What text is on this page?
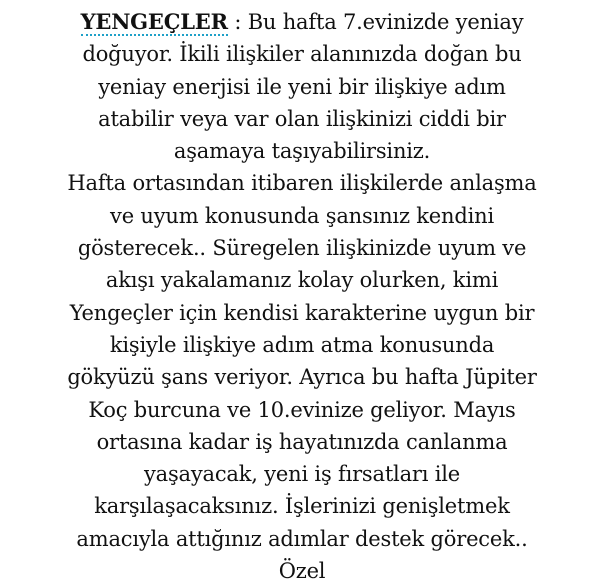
YENGEÇLER : Bu hafta 7.evinizde yeniay
doğuyor. İkili ilişkiler alanınızda doğan bu
yeniay enerjisi ile yeni bir ilişkiye adım
atabilir veya var olan ilişkinizi ciddi bir
aşamaya taşıyabilirsiniz.
Hafta ortasından itibaren ilişkilerde anlaşma
ve uyum konusunda şansınız kendini
gösterecek.. Süregelen ilişkinizde uyum ve
akışı yakalamanız kolay olurken, kimi
Yengeçler için kendisi karakterine uygun bir
kişiyle ilişkiye adım atma konusunda
gökyüzü şans veriyor. Ayrıca bu hafta Jüpiter
Koç burcuna ve 10.evinize geliyor. Mayıs
ortasına kadar iş hayatınızda canlanma
yaşayacak, yeni iş fırsatları ile
karşılaşacaksınız. İşlerinizi genişletmek
amacıyla attığınız adımlar destek görecek..
Özel
